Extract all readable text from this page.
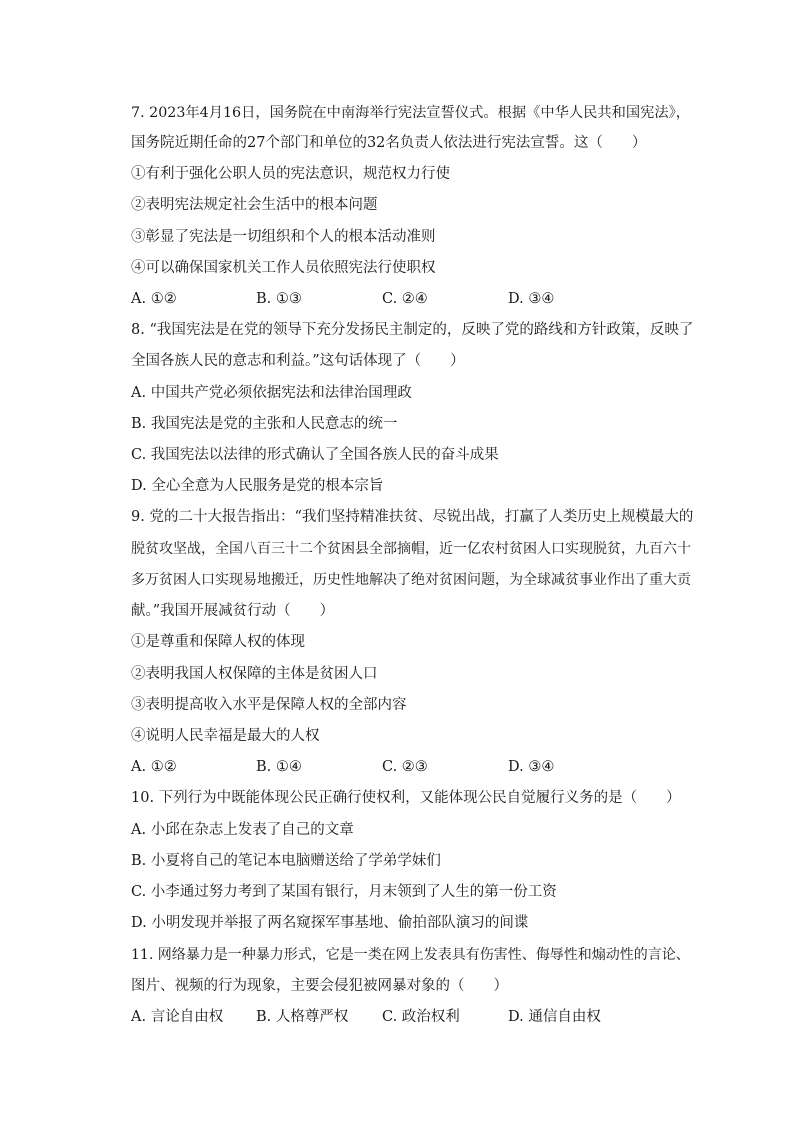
7. 2023年4月16日，国务院在中南海举行宪法宣誓仪式。根据《中华人民共和国宪法》，
国务院近期任命的27个部门和单位的32名负责人依法进行宪法宣誓。这（　　）
①有利于强化公职人员的宪法意识，规范权力行使
②表明宪法规定社会生活中的根本问题
③彰显了宪法是一切组织和个人的根本活动准则
④可以确保国家机关工作人员依照宪法行使职权
A. ①②	B. ①③	C. ②④	D. ③④
8. “我国宪法是在党的领导下充分发扬民主制定的，反映了党的路线和方针政策，反映了
全国各族人民的意志和利益。”这句话体现了（　　）
A. 中国共产党必须依据宪法和法律治国理政
B. 我国宪法是党的主张和人民意志的统一
C. 我国宪法以法律的形式确认了全国各族人民的奋斗成果
D. 全心全意为人民服务是党的根本宗旨
9. 党的二十大报告指出：“我们坚持精准扶贫、尽锐出战，打赢了人类历史上规模最大的
脱贫攻坚战，全国八百三十二个贫困县全部摘帽，近一亿农村贫困人口实现脱贫，九百六十
多万贫困人口实现易地搬迁，历史性地解决了绝对贫困问题，为全球减贫事业作出了重大贡
献。”我国开展减贫行动（　　）
①是尊重和保障人权的体现
②表明我国人权保障的主体是贫困人口
③表明提高收入水平是保障人权的全部内容
④说明人民幸福是最大的人权
A. ①②	B. ①④	C. ②③	D. ③④
10. 下列行为中既能体现公民正确行使权利，又能体现公民自觉履行义务的是（　　）
A. 小邱在杂志上发表了自己的文章
B. 小夏将自己的笔记本电脑赠送给了学弟学妹们
C. 小李通过努力考到了某国有银行，月末领到了人生的第一份工资
D. 小明发现并举报了两名窥探军事基地、偷拍部队演习的间谍
11. 网络暴力是一种暴力形式，它是一类在网上发表具有伤害性、侮辱性和煽动性的言论、
图片、视频的行为现象，主要会侵犯被网暴对象的（　　）
A. 言论自由权 B. 人格尊严权 C. 政治权利	D. 通信自由权
